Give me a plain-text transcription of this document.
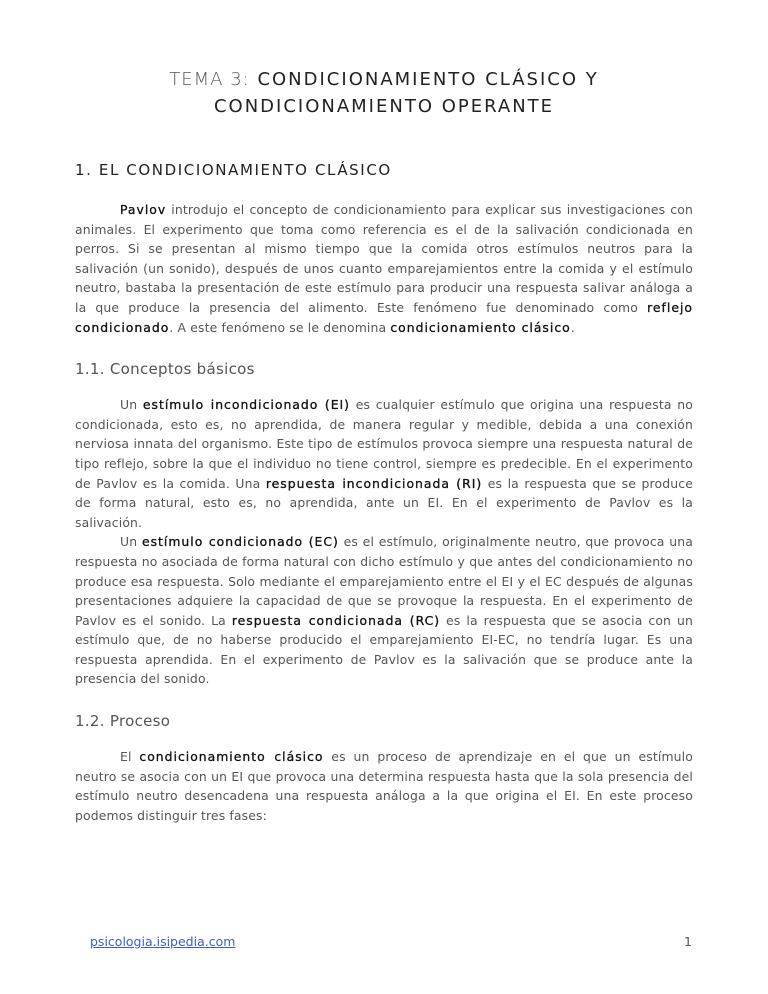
TEMA 3: CONDICIONAMIENTO CLÁSICO Y
CONDICIONAMIENTO OPERANTE
1. EL CONDICIONAMIENTO CLÁSICO

Pavlov introdujo el concepto de condicionamiento para explicar sus investigaciones con animales. El experimento que toma como referencia es el de la salivación condicionada en perros. Si se presentan al mismo tiempo que la comida otros estímulos neutros para la salivación (un sonido), después de unos cuanto emparejamientos entre la comida y el estímulo neutro, bastaba la presentación de este estímulo para producir una respuesta salivar análoga a la que produce la presencia del alimento. Este fenómeno fue denominado como reflejo condicionado. A este fenómeno se le denomina condicionamiento clásico.

1.1. Conceptos básicos

Un estímulo incondicionado (EI) es cualquier estímulo que origina una respuesta no condicionada, esto es, no aprendida, de manera regular y medible, debida a una conexión nerviosa innata del organismo. Este tipo de estímulos provoca siempre una respuesta natural de tipo reflejo, sobre la que el individuo no tiene control, siempre es predecible. En el experimento de Pavlov es la comida. Una respuesta incondicionada (RI) es la respuesta que se produce de forma natural, esto es, no aprendida, ante un EI. En el experimento de Pavlov es la salivación.

Un estímulo condicionado (EC) es el estímulo, originalmente neutro, que provoca una respuesta no asociada de forma natural con dicho estímulo y que antes del condicionamiento no produce esa respuesta. Solo mediante el emparejamiento entre el EI y el EC después de algunas presentaciones adquiere la capacidad de que se provoque la respuesta. En el experimento de Pavlov es el sonido. La respuesta condicionada (RC) es la respuesta que se asocia con un estímulo que, de no haberse producido el emparejamiento EI-EC, no tendría lugar. Es una respuesta aprendida. En el experimento de Pavlov es la salivación que se produce ante la presencia del sonido.

1.2. Proceso

El condicionamiento clásico es un proceso de aprendizaje en el que un estímulo neutro se asocia con un EI que provoca una determina respuesta hasta que la sola presencia del estímulo neutro desencadena una respuesta análoga a la que origina el EI. En este proceso podemos distinguir tres fases:

psicologia.isipedia.com	1
